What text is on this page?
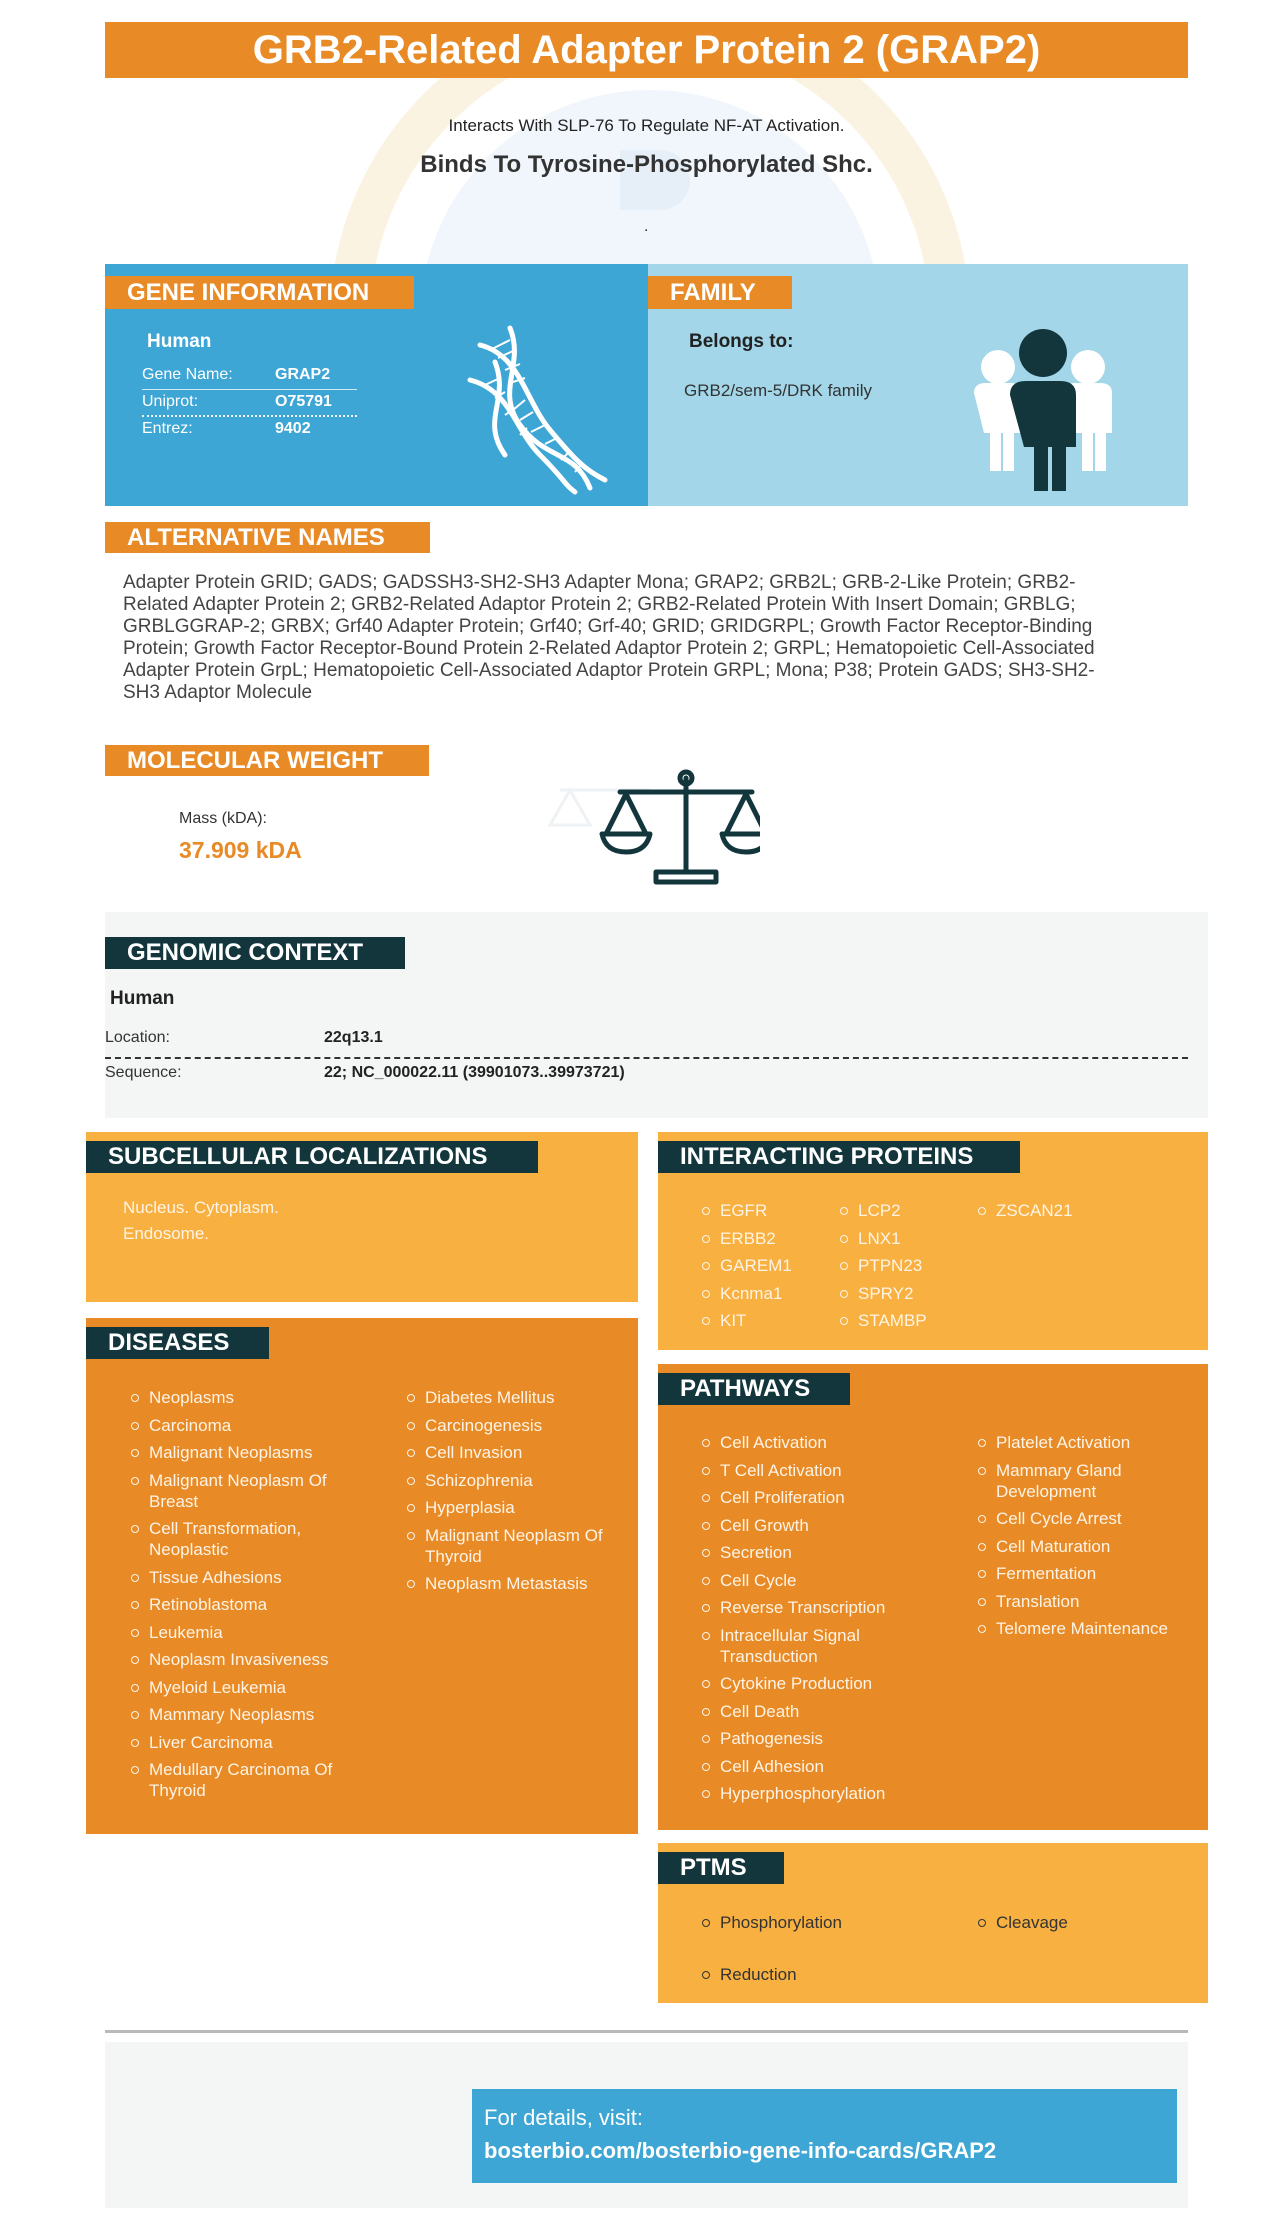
GRB2-Related Adapter Protein 2 (GRAP2)
Interacts With SLP-76 To Regulate NF-AT Activation.
Binds To Tyrosine-Phosphorylated Shc.
.
GENE INFORMATION
Human
Gene Name:	GRAP2
Uniprot:	O75791
Entrez:	9402
FAMILY
Belongs to:
GRB2/sem-5/DRK family
ALTERNATIVE NAMES
Adapter Protein GRID; GADS; GADSSH3-SH2-SH3 Adapter Mona; GRAP2; GRB2L; GRB-2-Like Protein; GRB2-
Related Adapter Protein 2; GRB2-Related Adaptor Protein 2; GRB2-Related Protein With Insert Domain; GRBLG;
GRBLGGRAP-2; GRBX; Grf40 Adapter Protein; Grf40; Grf-40; GRID; GRIDGRPL; Growth Factor Receptor-Binding
Protein; Growth Factor Receptor-Bound Protein 2-Related Adaptor Protein 2; GRPL; Hematopoietic Cell-Associated
Adapter Protein GrpL; Hematopoietic Cell-Associated Adaptor Protein GRPL; Mona; P38; Protein GADS; SH3-SH2-
SH3 Adaptor Molecule
MOLECULAR WEIGHT
Mass (kDA):
37.909 kDA
GENOMIC CONTEXT
Human
Location:	22q13.1
Sequence:	22; NC_000022.11 (39901073..39973721)
SUBCELLULAR LOCALIZATIONS
Nucleus. Cytoplasm.
Endosome.
INTERACTING PROTEINS
EGFR
ERBB2
GAREM1
Kcnma1
KIT
LCP2
LNX1
PTPN23
SPRY2
STAMBP
ZSCAN21
DISEASES
Neoplasms
Carcinoma
Malignant Neoplasms
Malignant Neoplasm Of Breast
Cell Transformation, Neoplastic
Tissue Adhesions
Retinoblastoma
Leukemia
Neoplasm Invasiveness
Myeloid Leukemia
Mammary Neoplasms
Liver Carcinoma
Medullary Carcinoma Of Thyroid
Diabetes Mellitus
Carcinogenesis
Cell Invasion
Schizophrenia
Hyperplasia
Malignant Neoplasm Of Thyroid
Neoplasm Metastasis
PATHWAYS
Cell Activation
T Cell Activation
Cell Proliferation
Cell Growth
Secretion
Cell Cycle
Reverse Transcription
Intracellular Signal Transduction
Cytokine Production
Cell Death
Pathogenesis
Cell Adhesion
Hyperphosphorylation
Platelet Activation
Mammary Gland Development
Cell Cycle Arrest
Cell Maturation
Fermentation
Translation
Telomere Maintenance
PTMS
Phosphorylation
Reduction
Cleavage
For details, visit:
bosterbio.com/bosterbio-gene-info-cards/GRAP2
